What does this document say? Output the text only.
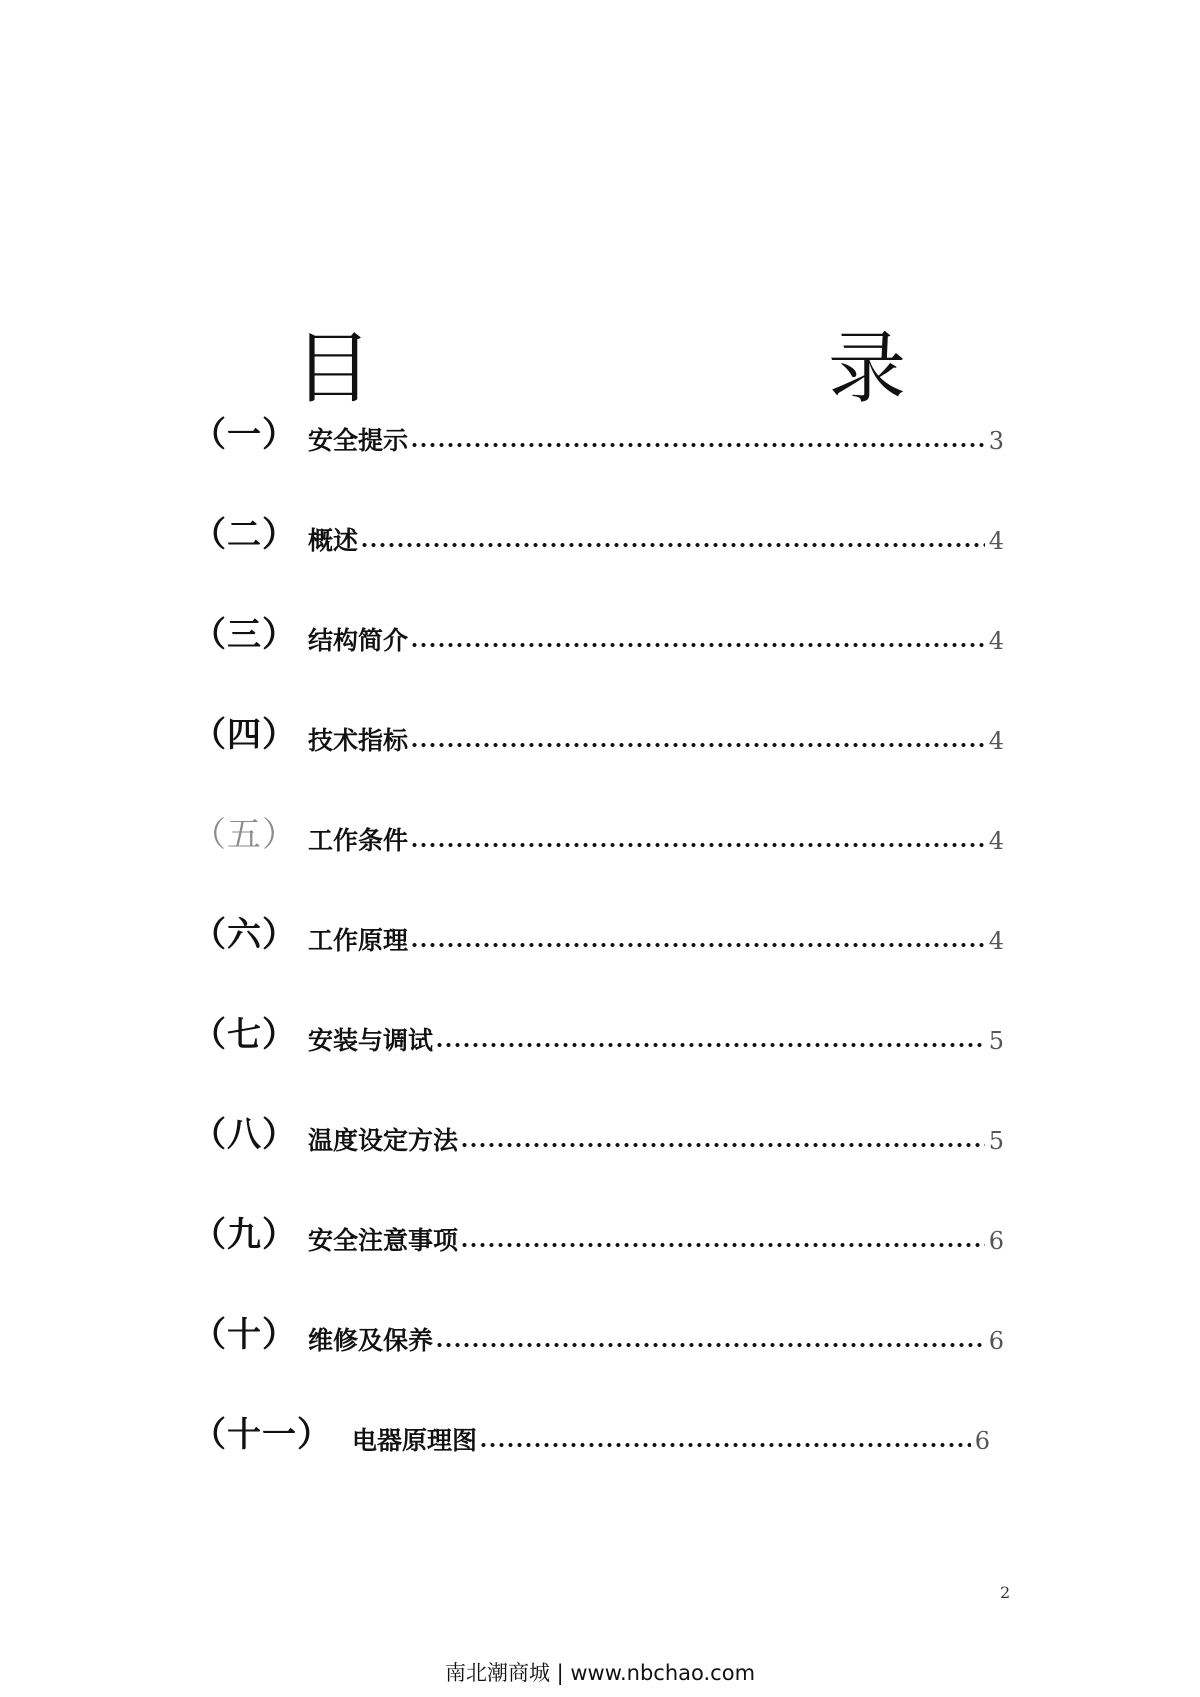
目　　录
（一） 安全提示	3
（二） 概述	4
（三） 结构简介	4
（四） 技术指标	4
（五） 工作条件	4
（六） 工作原理	4
（七） 安装与调试	5
（八） 温度设定方法	5
（九） 安全注意事项	6
（十） 维修及保养	6
（十一） 电器原理图	6
2
南北潮商城 | www.nbchao.com
